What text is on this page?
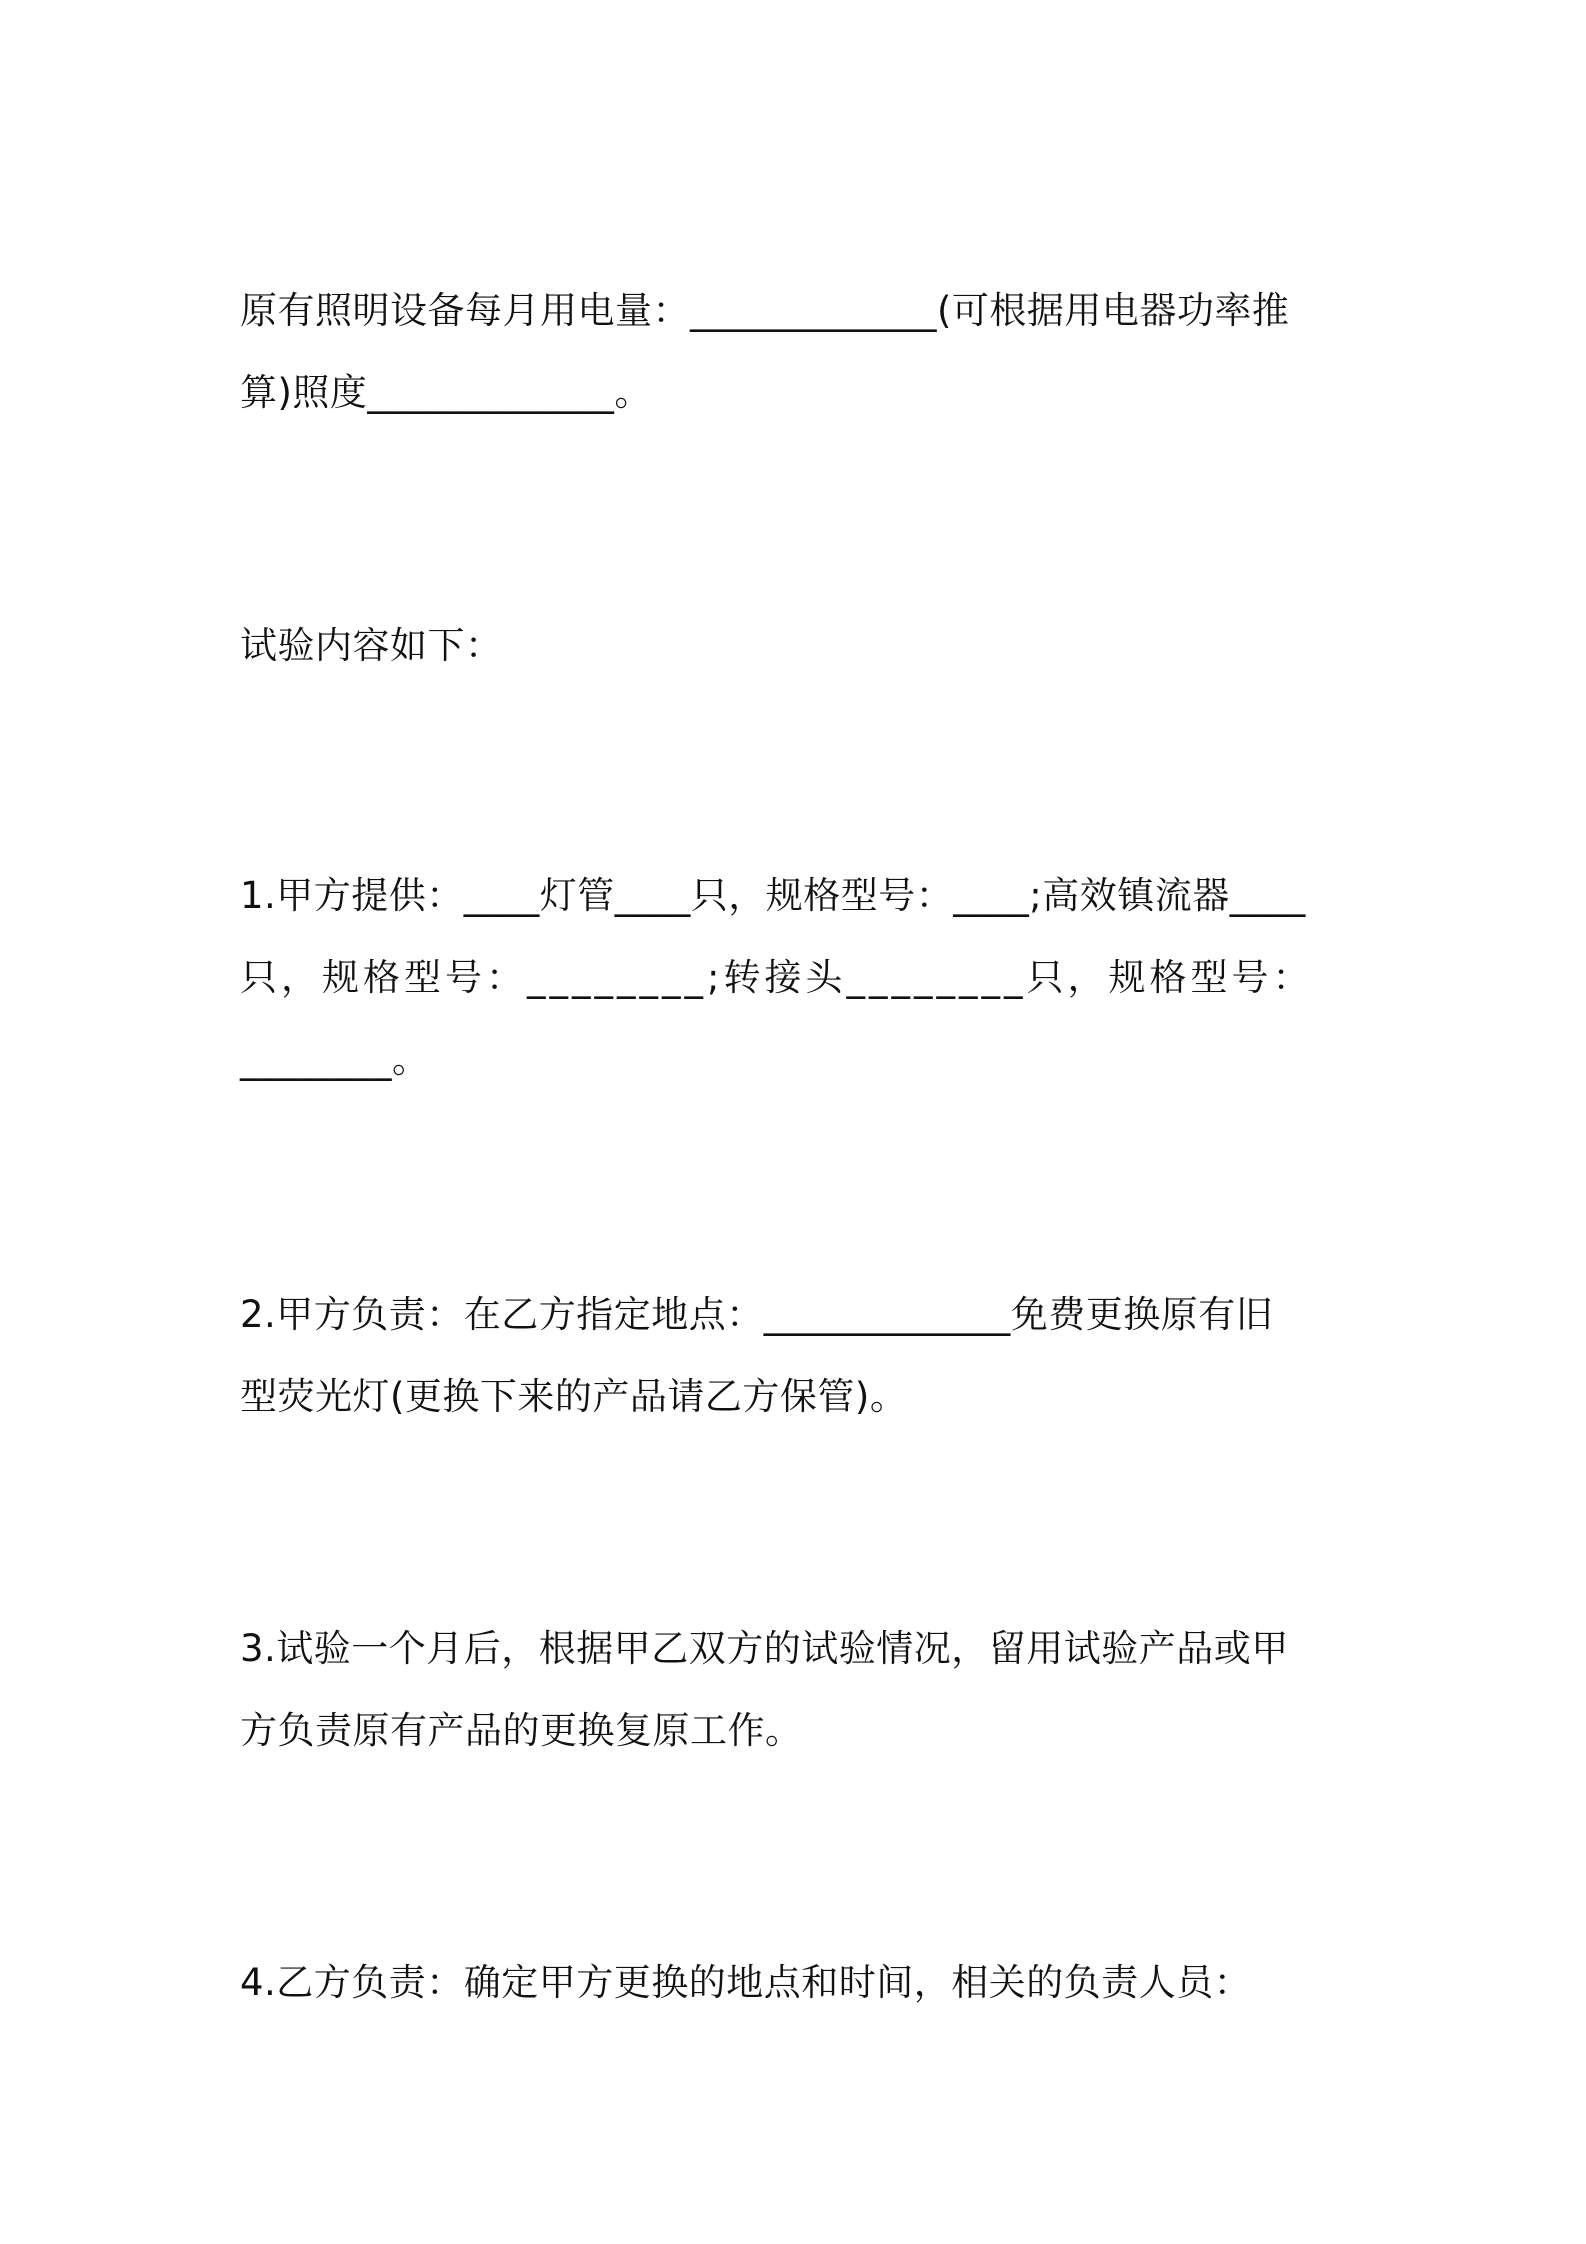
原有照明设备每月用电量：_____________(可根据用电器功率推
算)照度_____________。

试验内容如下：

1.甲方提供：____灯管____只，规格型号：____;高效镇流器____
只，规格型号：________;转接头________只，规格型号：
________。

2.甲方负责：在乙方指定地点：_____________免费更换原有旧
型荧光灯(更换下来的产品请乙方保管)。

3.试验一个月后，根据甲乙双方的试验情况，留用试验产品或甲
方负责原有产品的更换复原工作。

4.乙方负责：确定甲方更换的地点和时间，相关的负责人员：
